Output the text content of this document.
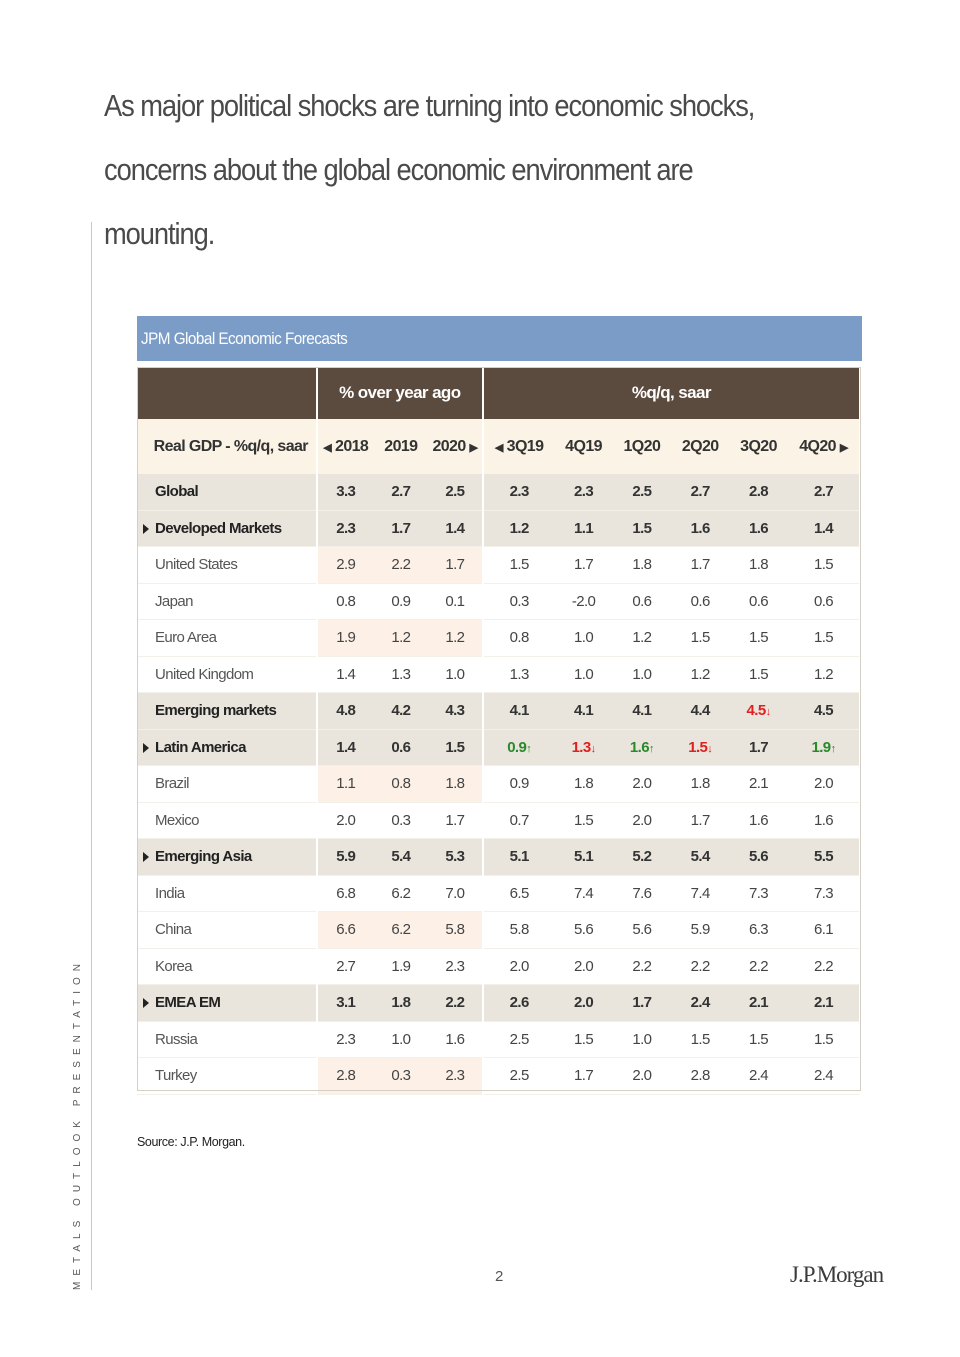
As major political shocks are turning into economic shocks, concerns about the global economic environment are mounting.
METALS OUTLOOK PRESENTATION
JPM Global Economic Forecasts
	% over year ago			%q/q, saar					
Real GDP - %q/q, saar	◀ 2018	2019	2020 ▶	◀ 3Q19	4Q19	1Q20	2Q20	3Q20	4Q20 ▶
Global	3.3	2.7	2.5	2.3	2.3	2.5	2.7	2.8	2.7
Developed Markets	2.3	1.7	1.4	1.2	1.1	1.5	1.6	1.6	1.4
United States	2.9	2.2	1.7	1.5	1.7	1.8	1.7	1.8	1.5
Japan	0.8	0.9	0.1	0.3	-2.0	0.6	0.6	0.6	0.6
Euro Area	1.9	1.2	1.2	0.8	1.0	1.2	1.5	1.5	1.5
United Kingdom	1.4	1.3	1.0	1.3	1.0	1.0	1.2	1.5	1.2
Emerging markets	4.8	4.2	4.3	4.1	4.1	4.1	4.4	4.5 ↓	4.5
Latin America	1.4	0.6	1.5	0.9 ↑	1.3 ↓	1.6 ↑	1.5 ↓	1.7	1.9 ↑
Brazil	1.1	0.8	1.8	0.9	1.8	2.0	1.8	2.1	2.0
Mexico	2.0	0.3	1.7	0.7	1.5	2.0	1.7	1.6	1.6
Emerging Asia	5.9	5.4	5.3	5.1	5.1	5.2	5.4	5.6	5.5
India	6.8	6.2	7.0	6.5	7.4	7.6	7.4	7.3	7.3
China	6.6	6.2	5.8	5.8	5.6	5.6	5.9	6.3	6.1
Korea	2.7	1.9	2.3	2.0	2.0	2.2	2.2	2.2	2.2
EMEA EM	3.1	1.8	2.2	2.6	2.0	1.7	2.4	2.1	2.1
Russia	2.3	1.0	1.6	2.5	1.5	1.0	1.5	1.5	1.5
Turkey	2.8	0.3	2.3	2.5	1.7	2.0	2.8	2.4	2.4
Source: J.P. Morgan.
2	J.P.Morgan
